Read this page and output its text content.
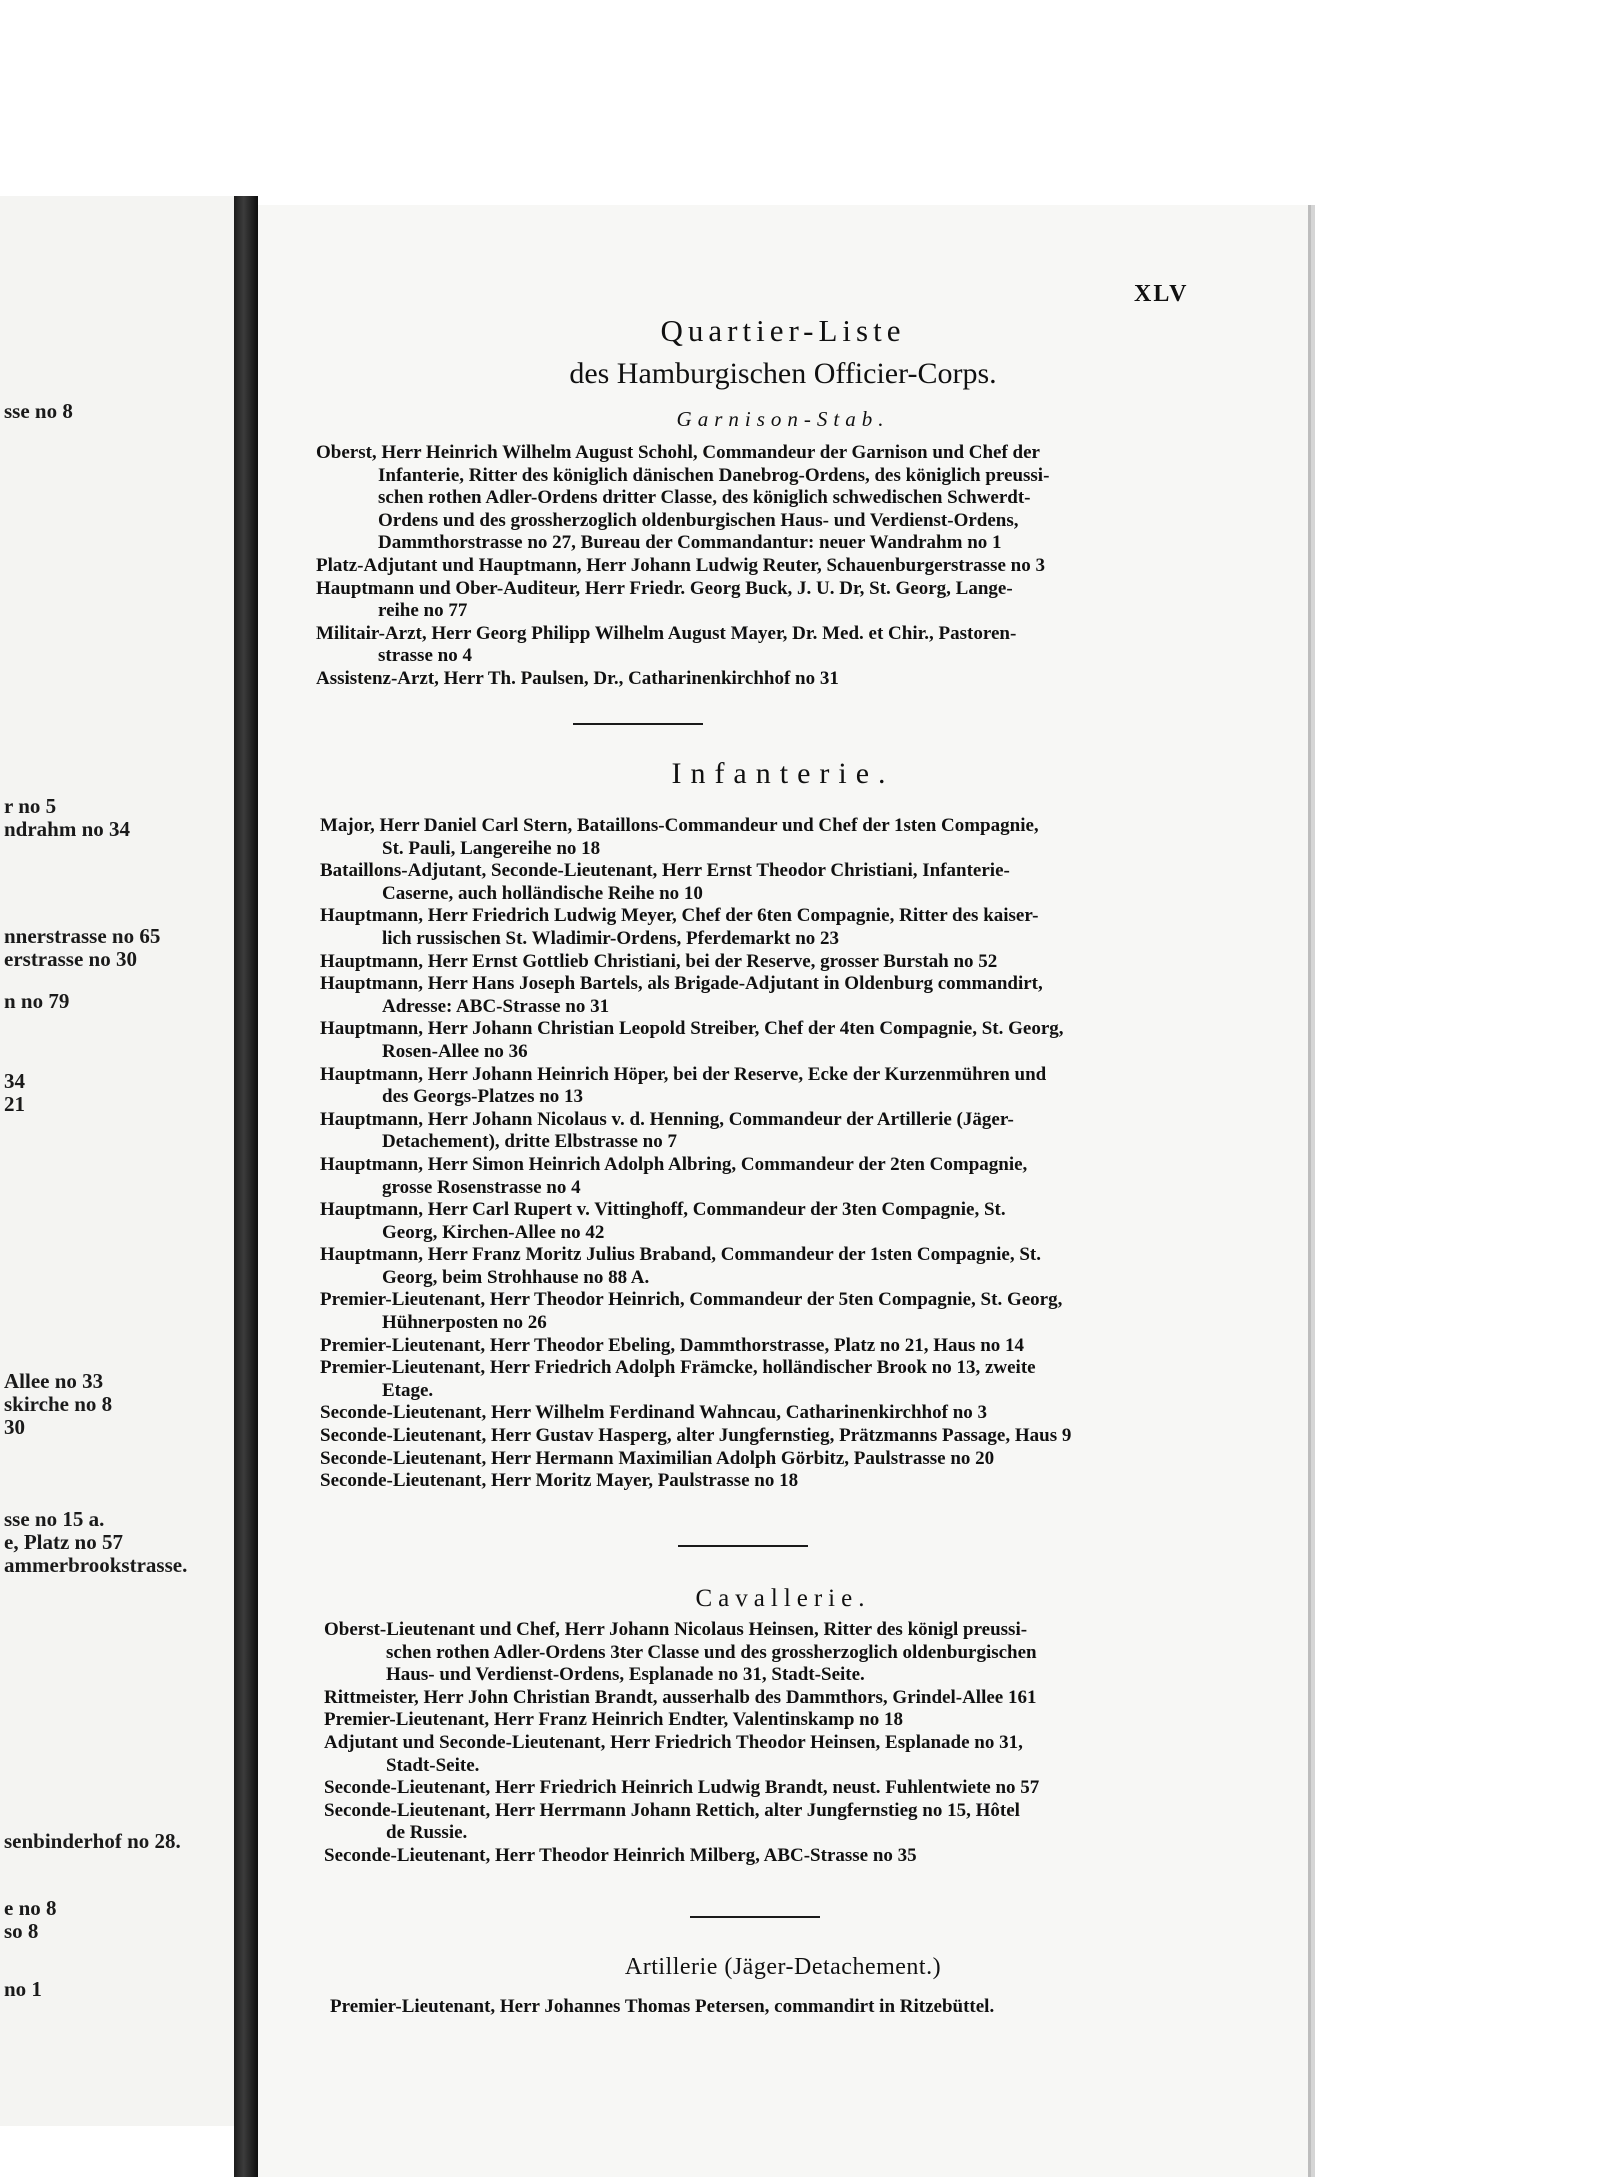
sse no 8
r no 5
ndrahm no 34
nnerstrasse no 65
erstrasse no 30
n no 79
34
21
Allee no 33
skirche no 8
30
sse no 15 a.
e, Platz no 57
ammerbrookstrasse.
senbinderhof no 28.
e no 8
so 8
no 1
XLV
Quartier-Liste
des Hamburgischen Officier-Corps.
Garnison-Stab.
Oberst, Herr Heinrich Wilhelm August Schohl, Commandeur der Garnison und Chef der
Infanterie, Ritter des königlich dänischen Danebrog-Ordens, des königlich preussi-
schen rothen Adler-Ordens dritter Classe, des königlich schwedischen Schwerdt-
Ordens und des grossherzoglich oldenburgischen Haus- und Verdienst-Ordens,
Dammthorstrasse no 27, Bureau der Commandantur: neuer Wandrahm no 1
Platz-Adjutant und Hauptmann, Herr Johann Ludwig Reuter, Schauenburgerstrasse no 3
Hauptmann und Ober-Auditeur, Herr Friedr. Georg Buck, J. U. Dr, St. Georg, Lange-
reihe no 77
Militair-Arzt, Herr Georg Philipp Wilhelm August Mayer, Dr. Med. et Chir., Pastoren-
strasse no 4
Assistenz-Arzt, Herr Th. Paulsen, Dr., Catharinenkirchhof no 31
Infanterie.
Major, Herr Daniel Carl Stern, Bataillons-Commandeur und Chef der 1sten Compagnie,
St. Pauli, Langereihe no 18
Bataillons-Adjutant, Seconde-Lieutenant, Herr Ernst Theodor Christiani, Infanterie-
Caserne, auch holländische Reihe no 10
Hauptmann, Herr Friedrich Ludwig Meyer, Chef der 6ten Compagnie, Ritter des kaiser-
lich russischen St. Wladimir-Ordens, Pferdemarkt no 23
Hauptmann, Herr Ernst Gottlieb Christiani, bei der Reserve, grosser Burstah no 52
Hauptmann, Herr Hans Joseph Bartels, als Brigade-Adjutant in Oldenburg commandirt,
Adresse: ABC-Strasse no 31
Hauptmann, Herr Johann Christian Leopold Streiber, Chef der 4ten Compagnie, St. Georg,
Rosen-Allee no 36
Hauptmann, Herr Johann Heinrich Höper, bei der Reserve, Ecke der Kurzenmühren und
des Georgs-Platzes no 13
Hauptmann, Herr Johann Nicolaus v. d. Henning, Commandeur der Artillerie (Jäger-
Detachement), dritte Elbstrasse no 7
Hauptmann, Herr Simon Heinrich Adolph Albring, Commandeur der 2ten Compagnie,
grosse Rosenstrasse no 4
Hauptmann, Herr Carl Rupert v. Vittinghoff, Commandeur der 3ten Compagnie, St.
Georg, Kirchen-Allee no 42
Hauptmann, Herr Franz Moritz Julius Braband, Commandeur der 1sten Compagnie, St.
Georg, beim Strohhause no 88 A.
Premier-Lieutenant, Herr Theodor Heinrich, Commandeur der 5ten Compagnie, St. Georg,
Hühnerposten no 26
Premier-Lieutenant, Herr Theodor Ebeling, Dammthorstrasse, Platz no 21, Haus no 14
Premier-Lieutenant, Herr Friedrich Adolph Främcke, holländischer Brook no 13, zweite
Etage.
Seconde-Lieutenant, Herr Wilhelm Ferdinand Wahncau, Catharinenkirchhof no 3
Seconde-Lieutenant, Herr Gustav Hasperg, alter Jungfernstieg, Prätzmanns Passage, Haus 9
Seconde-Lieutenant, Herr Hermann Maximilian Adolph Görbitz, Paulstrasse no 20
Seconde-Lieutenant, Herr Moritz Mayer, Paulstrasse no 18
Cavallerie.
Oberst-Lieutenant und Chef, Herr Johann Nicolaus Heinsen, Ritter des königl preussi-
schen rothen Adler-Ordens 3ter Classe und des grossherzoglich oldenburgischen
Haus- und Verdienst-Ordens, Esplanade no 31, Stadt-Seite.
Rittmeister, Herr John Christian Brandt, ausserhalb des Dammthors, Grindel-Allee 161
Premier-Lieutenant, Herr Franz Heinrich Endter, Valentinskamp no 18
Adjutant und Seconde-Lieutenant, Herr Friedrich Theodor Heinsen, Esplanade no 31,
Stadt-Seite.
Seconde-Lieutenant, Herr Friedrich Heinrich Ludwig Brandt, neust. Fuhlentwiete no 57
Seconde-Lieutenant, Herr Herrmann Johann Rettich, alter Jungfernstieg no 15, Hôtel
de Russie.
Seconde-Lieutenant, Herr Theodor Heinrich Milberg, ABC-Strasse no 35
Artillerie (Jäger-Detachement.)
Premier-Lieutenant, Herr Johannes Thomas Petersen, commandirt in Ritzebüttel.
